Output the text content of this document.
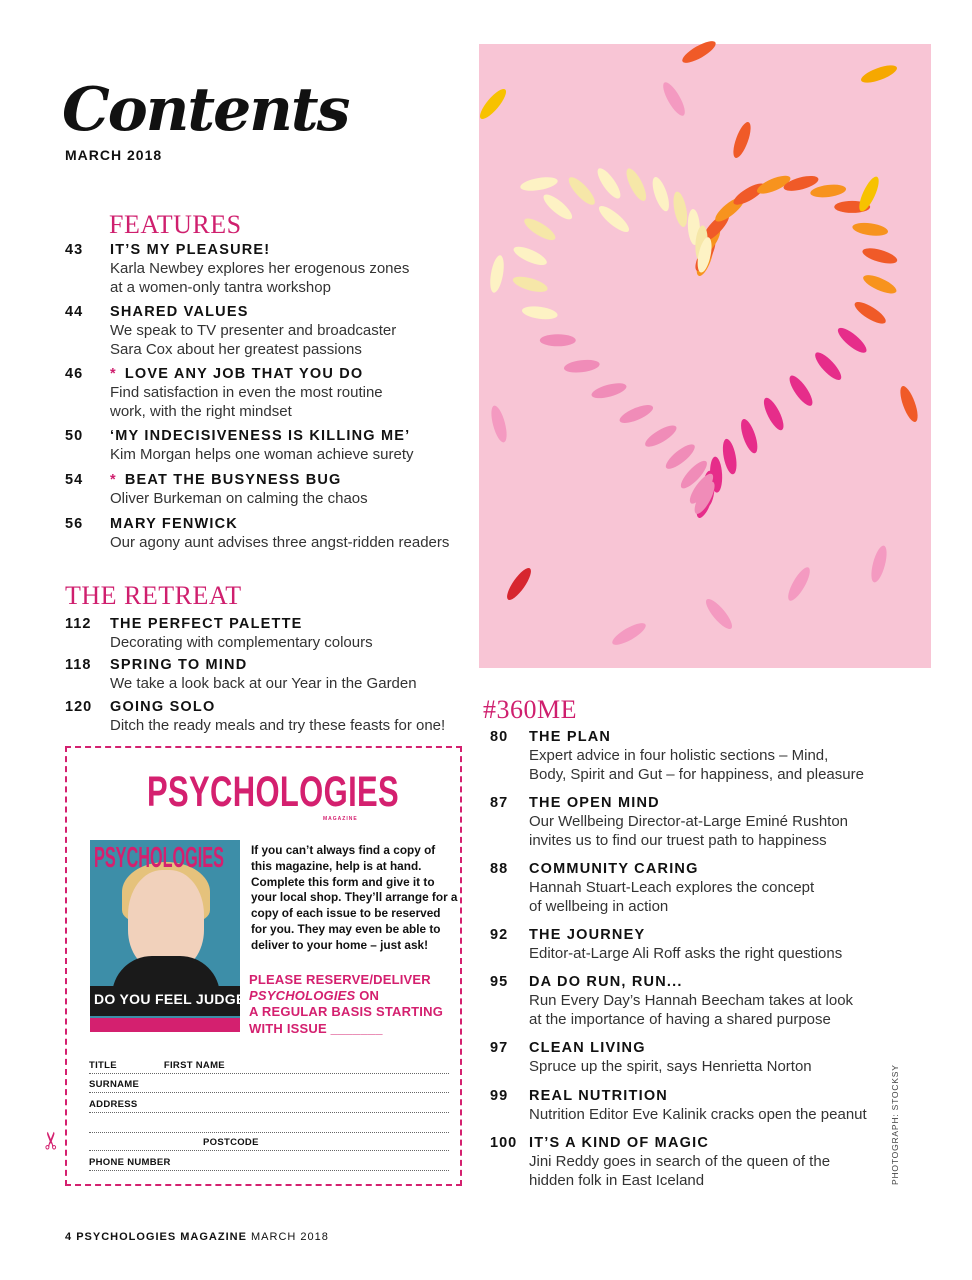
Contents
MARCH 2018
FEATURES
43 IT’S MY PLEASURE!
Karla Newbey explores her erogenous zones
at a women-only tantra workshop
44 SHARED VALUES
We speak to TV presenter and broadcaster
Sara Cox about her greatest passions
46 * LOVE ANY JOB THAT YOU DO
Find satisfaction in even the most routine
work, with the right mindset
50 ‘MY INDECISIVENESS IS KILLING ME’
Kim Morgan helps one woman achieve surety
54 * BEAT THE BUSYNESS BUG
Oliver Burkeman on calming the chaos
56 MARY FENWICK
Our agony aunt advises three angst-ridden readers
THE RETREAT
112 THE PERFECT PALETTE
Decorating with complementary colours
118 SPRING TO MIND
We take a look back at our Year in the Garden
120 GOING SOLO
Ditch the ready meals and try these feasts for one!
PHOTOGRAPH: STOCKSY
#360ME
80 THE PLAN
Expert advice in four holistic sections – Mind,
Body, Spirit and Gut – for happiness, and pleasure
87 THE OPEN MIND
Our Wellbeing Director-at-Large Eminé Rushton
invites us to find our truest path to happiness
88 COMMUNITY CARING
Hannah Stuart-Leach explores the concept
of wellbeing in action
92 THE JOURNEY
Editor-at-Large Ali Roff asks the right questions
95 DA DO RUN, RUN...
Run Every Day’s Hannah Beecham takes at look
at the importance of having a shared purpose
97 CLEAN LIVING
Spruce up the spirit, says Henrietta Norton
99 REAL NUTRITION
Nutrition Editor Eve Kalinik cracks open the peanut
100 IT’S A KIND OF MAGIC
Jini Reddy goes in search of the queen of the
hidden folk in East Iceland
PSYCHOLOGIES
MAGAZINE
PSYCHOLOGIES
DO YOU FEEL JUDGED?
If you can’t always find a copy of this magazine, help is at hand. Complete this form and give it to your local shop. They’ll arrange for a copy of each issue to be reserved for you. They may even be able to deliver to your home – just ask!
PLEASE RESERVE/DELIVER
PSYCHOLOGIES ON
A REGULAR BASIS STARTING
WITH ISSUE _______
TITLE	FIRST NAME
SURNAME
ADDRESS
POSTCODE
PHONE NUMBER
✂
4 PSYCHOLOGIES MAGAZINE MARCH 2018
